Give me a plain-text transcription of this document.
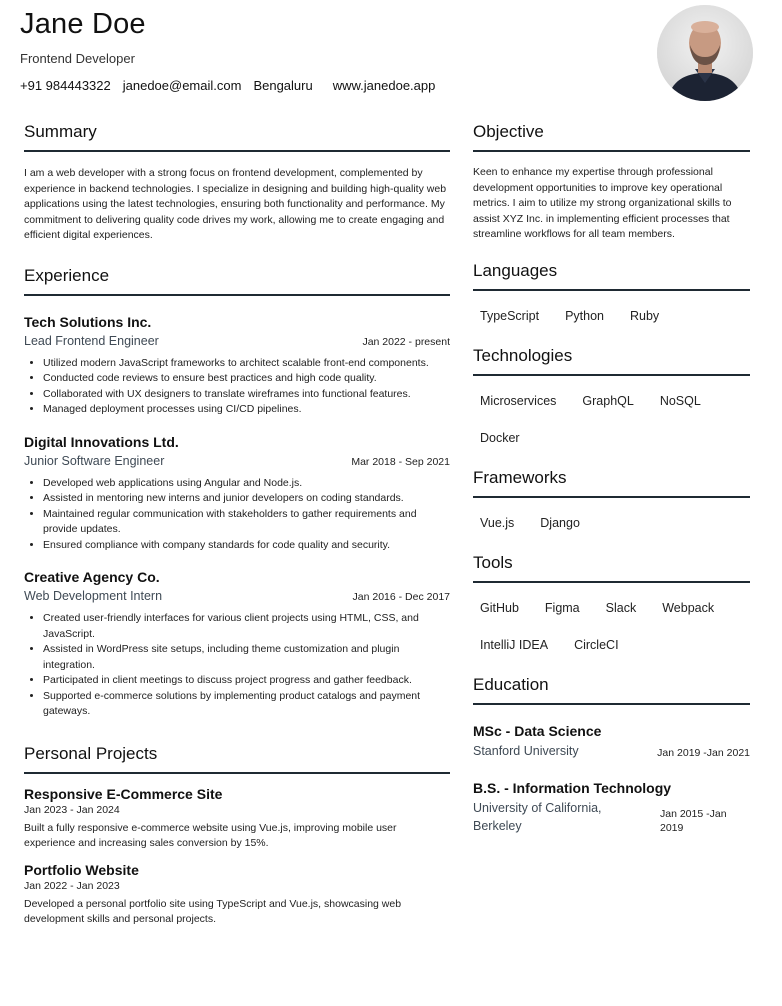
Jane Doe
Frontend Developer
+91 984443322 janedoe@email.com Bengaluru www.janedoe.app
Summary

I am a web developer with a strong focus on frontend development, complemented by experience in backend technologies. I specialize in designing and building high-quality web applications using the latest technologies, ensuring both functionality and performance. My commitment to delivering quality code drives my work, allowing me to create engaging and efficient digital experiences.

Experience
Tech Solutions Inc.
Lead Frontend Engineer	Jan 2022 - present
• Utilized modern JavaScript frameworks to architect scalable front-end components.
• Conducted code reviews to ensure best practices and high code quality.
• Collaborated with UX designers to translate wireframes into functional features.
• Managed deployment processes using CI/CD pipelines.
Digital Innovations Ltd.
Junior Software Engineer	Mar 2018 - Sep 2021
• Developed web applications using Angular and Node.js.
• Assisted in mentoring new interns and junior developers on coding standards.
• Maintained regular communication with stakeholders to gather requirements and provide updates.
• Ensured compliance with company standards for code quality and security.
Creative Agency Co.
Web Development Intern	Jan 2016 - Dec 2017
• Created user-friendly interfaces for various client projects using HTML, CSS, and JavaScript.
• Assisted in WordPress site setups, including theme customization and plugin integration.
• Participated in client meetings to discuss project progress and gather feedback.
• Supported e-commerce solutions by implementing product catalogs and payment gateways.
Personal Projects
Responsive E-Commerce Site
Jan 2023 - Jan 2024

Built a fully responsive e-commerce website using Vue.js, improving mobile user experience and increasing sales conversion by 15%.

Portfolio Website
Jan 2022 - Jan 2023

Developed a personal portfolio site using TypeScript and Vue.js, showcasing web development skills and personal projects.

Objective

Keen to enhance my expertise through professional development opportunities to improve key operational metrics. I aim to utilize my strong organizational skills to assist XYZ Inc. in implementing efficient processes that streamline workflows for all team members.

Languages
TypeScript Python Ruby
Technologies
Microservices GraphQL NoSQL
Docker
Frameworks
Vue.js Django
Tools
GitHub Figma Slack Webpack
IntelliJ IDEA CircleCI
Education
MSc - Data Science
Stanford University	Jan 2019 -Jan 2021
B.S. - Information Technology
University of California, Berkeley
Jan 2015 -Jan 2019
